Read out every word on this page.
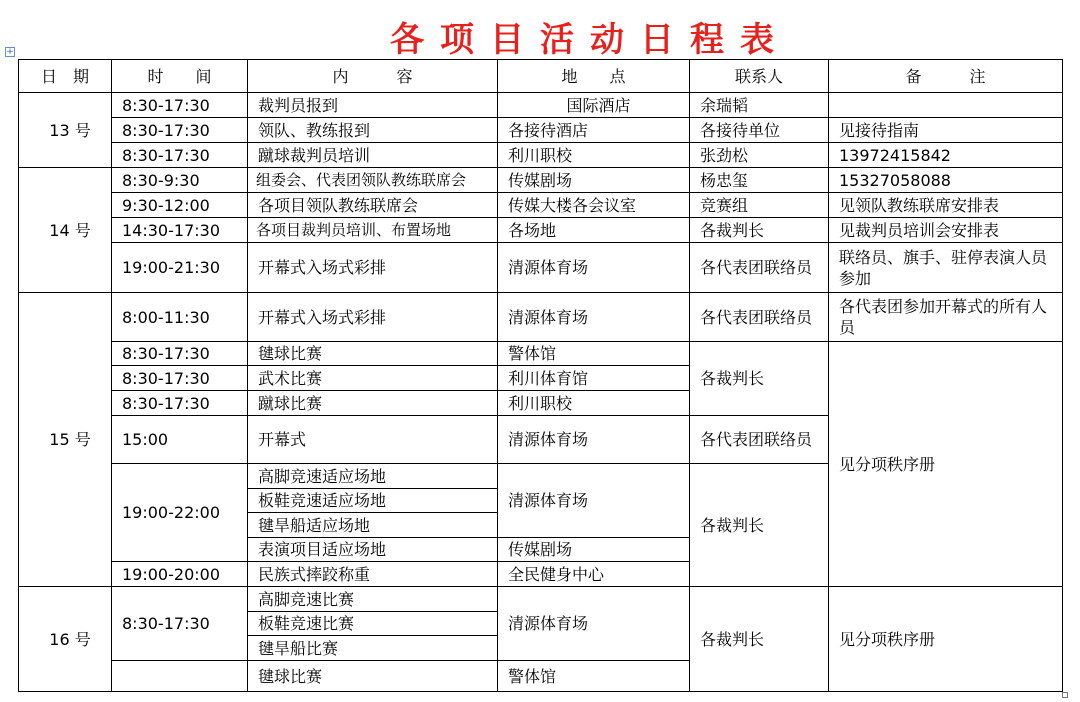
各项目活动日程表
+
日　期	时　　间	内　　　容	地　　点	联系人	备　　　注
13 号	8:30-17:30	裁判员报到	国际酒店	余瑞韬	
	8:30-17:30	领队、教练报到	各接待酒店	各接待单位	见接待指南
	8:30-17:30	蹴球裁判员培训	利川职校	张劲松	13972415842
14 号	8:30-9:30	组委会、代表团领队教练联席会	传媒剧场	杨忠玺	15327058088
	9:30-12:00	各项目领队教练联席会	传媒大楼各会议室	竞赛组	见领队教练联席安排表
	14:30-17:30	各项目裁判员培训、布置场地	各场地	各裁判长	见裁判员培训会安排表
	19:00-21:30	开幕式入场式彩排	清源体育场	各代表团联络员	联络员、旗手、驻停表演人员参加
15 号	8:00-11:30	开幕式入场式彩排	清源体育场	各代表团联络员	各代表团参加开幕式的所有人员
	8:30-17:30	毽球比赛	警体馆	各裁判长	见分项秩序册
	8:30-17:30	武术比赛	利川体育馆		
	8:30-17:30	蹴球比赛	利川职校		
	15:00	开幕式	清源体育场	各代表团联络员	
	19:00-22:00	高脚竞速适应场地	清源体育场	各裁判长	
		板鞋竞速适应场地			
		毽旱船适应场地			
		表演项目适应场地	传媒剧场		
	19:00-20:00	民族式摔跤称重	全民健身中心		
16 号	8:30-17:30	高脚竞速比赛	清源体育场	各裁判长	见分项秩序册
		板鞋竞速比赛			
		毽旱船比赛			
		毽球比赛	警体馆		
